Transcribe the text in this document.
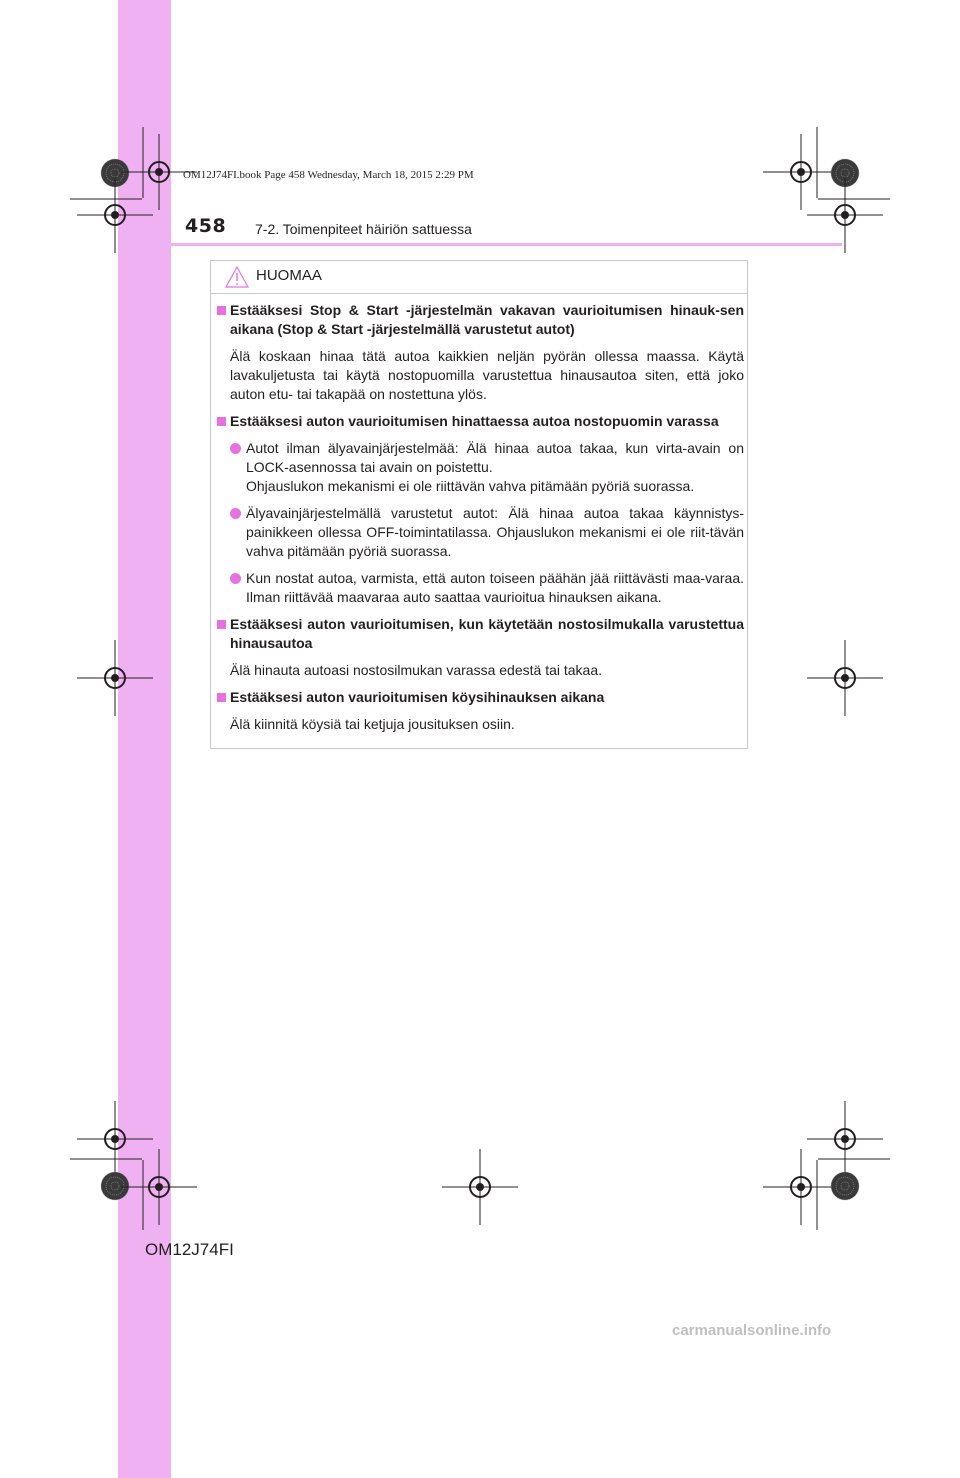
OM12J74FI.book Page 458 Wednesday, March 18, 2015 2:29 PM
458 7-2. Toimenpiteet häiriön sattuessa
HUOMAA
Estääksesi Stop & Start -järjestelmän vakavan vaurioitumisen hinauk-sen aikana (Stop & Start -järjestelmällä varustetut autot)
Älä koskaan hinaa tätä autoa kaikkien neljän pyörän ollessa maassa. Käytä lavakuljetusta tai käytä nostopuomilla varustettua hinausautoa siten, että joko auton etu- tai takapää on nostettuna ylös.
Estääksesi auton vaurioitumisen hinattaessa autoa nostopuomin varassa
Autot ilman älyavainjärjestelmää: Älä hinaa autoa takaa, kun virta-avain on LOCK-asennossa tai avain on poistettu.
Ohjauslukon mekanismi ei ole riittävän vahva pitämään pyöriä suorassa.
Älyavainjärjestelmällä varustetut autot: Älä hinaa autoa takaa käynnistys-painikkeen ollessa OFF-toimintatilassa. Ohjauslukon mekanismi ei ole riit-tävän vahva pitämään pyöriä suorassa.
Kun nostat autoa, varmista, että auton toiseen päähän jää riittävästi maa-varaa. Ilman riittävää maavaraa auto saattaa vaurioitua hinauksen aikana.
Estääksesi auton vaurioitumisen, kun käytetään nostosilmukalla varustettua hinausautoa
Älä hinauta autoasi nostosilmukan varassa edestä tai takaa.
Estääksesi auton vaurioitumisen köysihinauksen aikana
Älä kiinnitä köysiä tai ketjuja jousituksen osiin.
OM12J74FI
carmanualsonline.info
